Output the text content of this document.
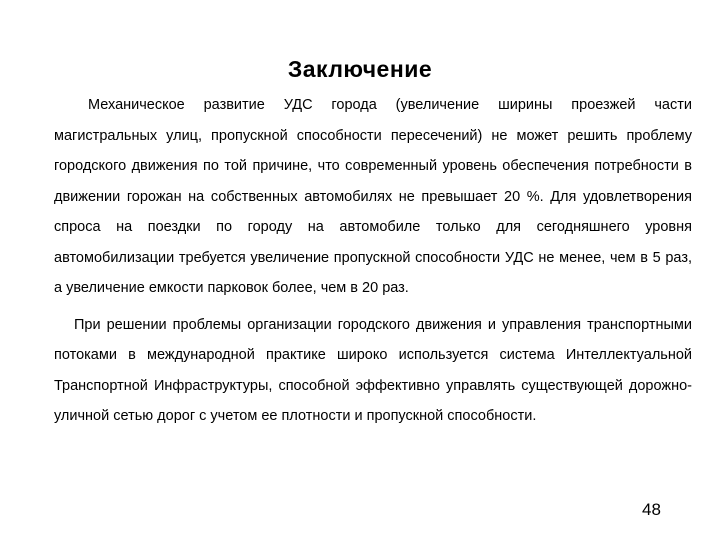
Заключение

Механическое развитие УДС города (увеличение ширины проезжей части магистральных улиц, пропускной способности пересечений) не может решить проблему городского движения по той причине, что современный уровень обеспечения потребности в движении горожан на собственных автомобилях не превышает 20 %. Для удовлетворения спроса на поездки по городу на автомобиле только для сегодняшнего уровня автомобилизации требуется увеличение пропускной способности УДС не менее, чем в 5 раз, а увеличение емкости парковок более, чем в 20 раз.

При решении проблемы организации городского движения и управления транспортными потоками в международной практике широко используется система Интеллектуальной Транспортной Инфраструктуры, способной эффективно управлять существующей дорожно-уличной сетью дорог с учетом ее плотности и пропускной способности.

48
